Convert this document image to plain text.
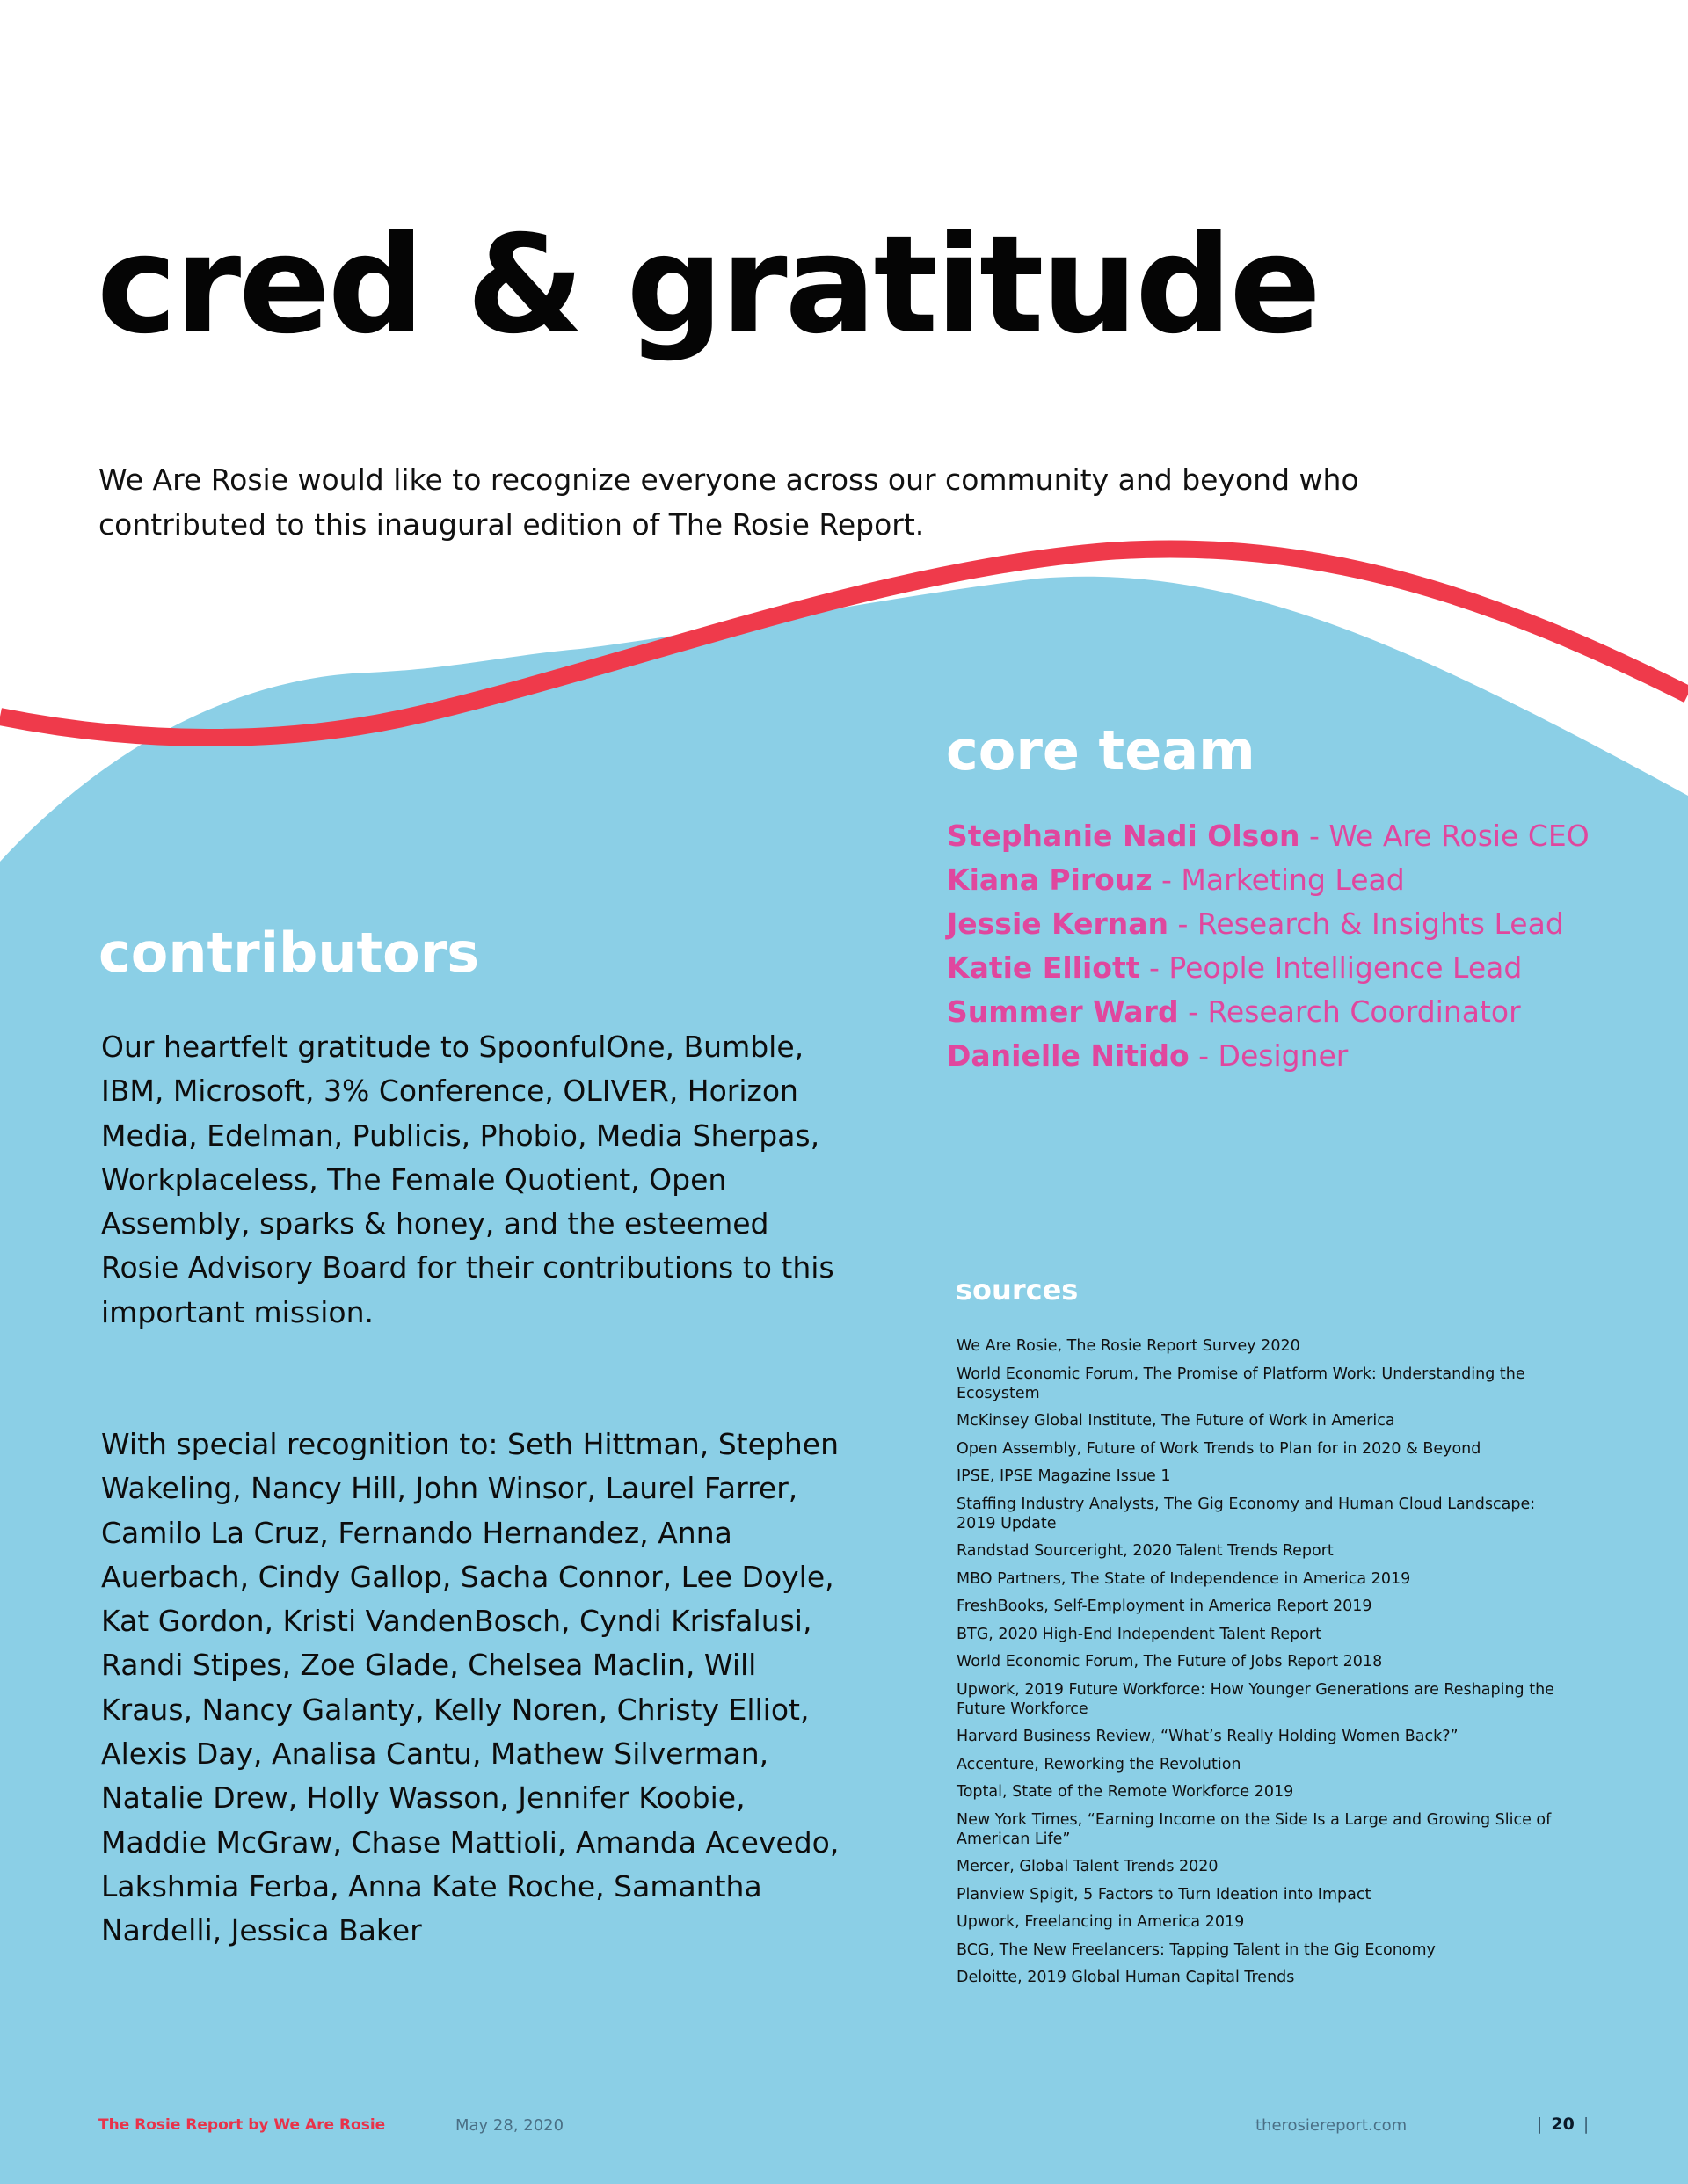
cred & gratitude

We Are Rosie would like to recognize everyone across our community and beyond who contributed to this inaugural edition of The Rosie Report.

core team
Stephanie Nadi Olson - We Are Rosie CEO
Kiana Pirouz - Marketing Lead
Jessie Kernan - Research & Insights Lead
Katie Elliott - People Intelligence Lead
Summer Ward - Research Coordinator
Danielle Nitido - Designer
contributors

Our heartfelt gratitude to SpoonfulOne, Bumble, IBM, Microsoft, 3% Conference, OLIVER, Horizon Media, Edelman, Publicis, Phobio, Media Sherpas, Workplaceless, The Female Quotient, Open Assembly, sparks & honey, and the esteemed Rosie Advisory Board for their contributions to this important mission.

With special recognition to: Seth Hittman, Stephen Wakeling, Nancy Hill, John Winsor, Laurel Farrer, Camilo La Cruz, Fernando Hernandez, Anna Auerbach, Cindy Gallop, Sacha Connor, Lee Doyle, Kat Gordon, Kristi VandenBosch, Cyndi Krisfalusi, Randi Stipes, Zoe Glade, Chelsea Maclin, Will Kraus, Nancy Galanty, Kelly Noren, Christy Elliot, Alexis Day, Analisa Cantu, Mathew Silverman, Natalie Drew, Holly Wasson, Jennifer Koobie, Maddie McGraw, Chase Mattioli, Amanda Acevedo, Lakshmia Ferba, Anna Kate Roche, Samantha Nardelli, Jessica Baker

sources
We Are Rosie, The Rosie Report Survey 2020
World Economic Forum, The Promise of Platform Work: Understanding the Ecosystem
McKinsey Global Institute, The Future of Work in America
Open Assembly, Future of Work Trends to Plan for in 2020 & Beyond
IPSE, IPSE Magazine Issue 1
Staffing Industry Analysts, The Gig Economy and Human Cloud Landscape: 2019 Update
Randstad Sourceright, 2020 Talent Trends Report
MBO Partners, The State of Independence in America 2019
FreshBooks, Self-Employment in America Report 2019
BTG, 2020 High-End Independent Talent Report
World Economic Forum, The Future of Jobs Report 2018
Upwork, 2019 Future Workforce: How Younger Generations are Reshaping the Future Workforce
Harvard Business Review, “What’s Really Holding Women Back?”
Accenture, Reworking the Revolution
Toptal, State of the Remote Workforce 2019
New York Times, “Earning Income on the Side Is a Large and Growing Slice of American Life”
Mercer, Global Talent Trends 2020
Planview Spigit, 5 Factors to Turn Ideation into Impact
Upwork, Freelancing in America 2019
BCG, The New Freelancers: Tapping Talent in the Gig Economy
Deloitte, 2019 Global Human Capital Trends
The Rosie Report by We Are Rosie	May 28, 2020	therosiereport.com	| 20 |
